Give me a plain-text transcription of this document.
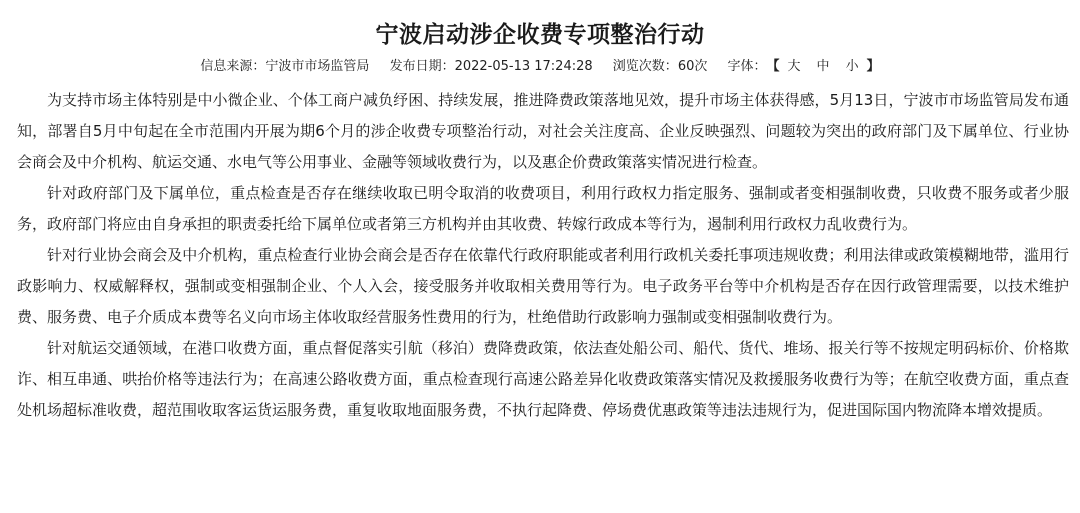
宁波启动涉企收费专项整治行动
信息来源：宁波市市场监管局 发布日期：2022-05-13 17:24:28 浏览次数：60次 字体：【 大 中 小 】

为支持市场主体特别是中小微企业、个体工商户减负纾困、持续发展，推进降费政策落地见效，提升市场主体获得感，5月13日，宁波市市场监管局发布通知，部署自5月中旬起在全市范围内开展为期6个月的涉企收费专项整治行动，对社会关注度高、企业反映强烈、问题较为突出的政府部门及下属单位、行业协会商会及中介机构、航运交通、水电气等公用事业、金融等领域收费行为，以及惠企价费政策落实情况进行检查。

针对政府部门及下属单位，重点检查是否存在继续收取已明令取消的收费项目，利用行政权力指定服务、强制或者变相强制收费，只收费不服务或者少服务，政府部门将应由自身承担的职责委托给下属单位或者第三方机构并由其收费、转嫁行政成本等行为，遏制利用行政权力乱收费行为。

针对行业协会商会及中介机构，重点检查行业协会商会是否存在依靠代行政府职能或者利用行政机关委托事项违规收费；利用法律或政策模糊地带，滥用行政影响力、权威解释权，强制或变相强制企业、个人入会，接受服务并收取相关费用等行为。电子政务平台等中介机构是否存在因行政管理需要，以技术维护费、服务费、电子介质成本费等名义向市场主体收取经营服务性费用的行为，杜绝借助行政影响力强制或变相强制收费行为。

针对航运交通领域，在港口收费方面，重点督促落实引航（移泊）费降费政策，依法查处船公司、船代、货代、堆场、报关行等不按规定明码标价、价格欺诈、相互串通、哄抬价格等违法行为；在高速公路收费方面，重点检查现行高速公路差异化收费政策落实情况及救援服务收费行为等；在航空收费方面，重点查处机场超标准收费，超范围收取客运货运服务费，重复收取地面服务费，不执行起降费、停场费优惠政策等违法违规行为，促进国际国内物流降本增效提质。
